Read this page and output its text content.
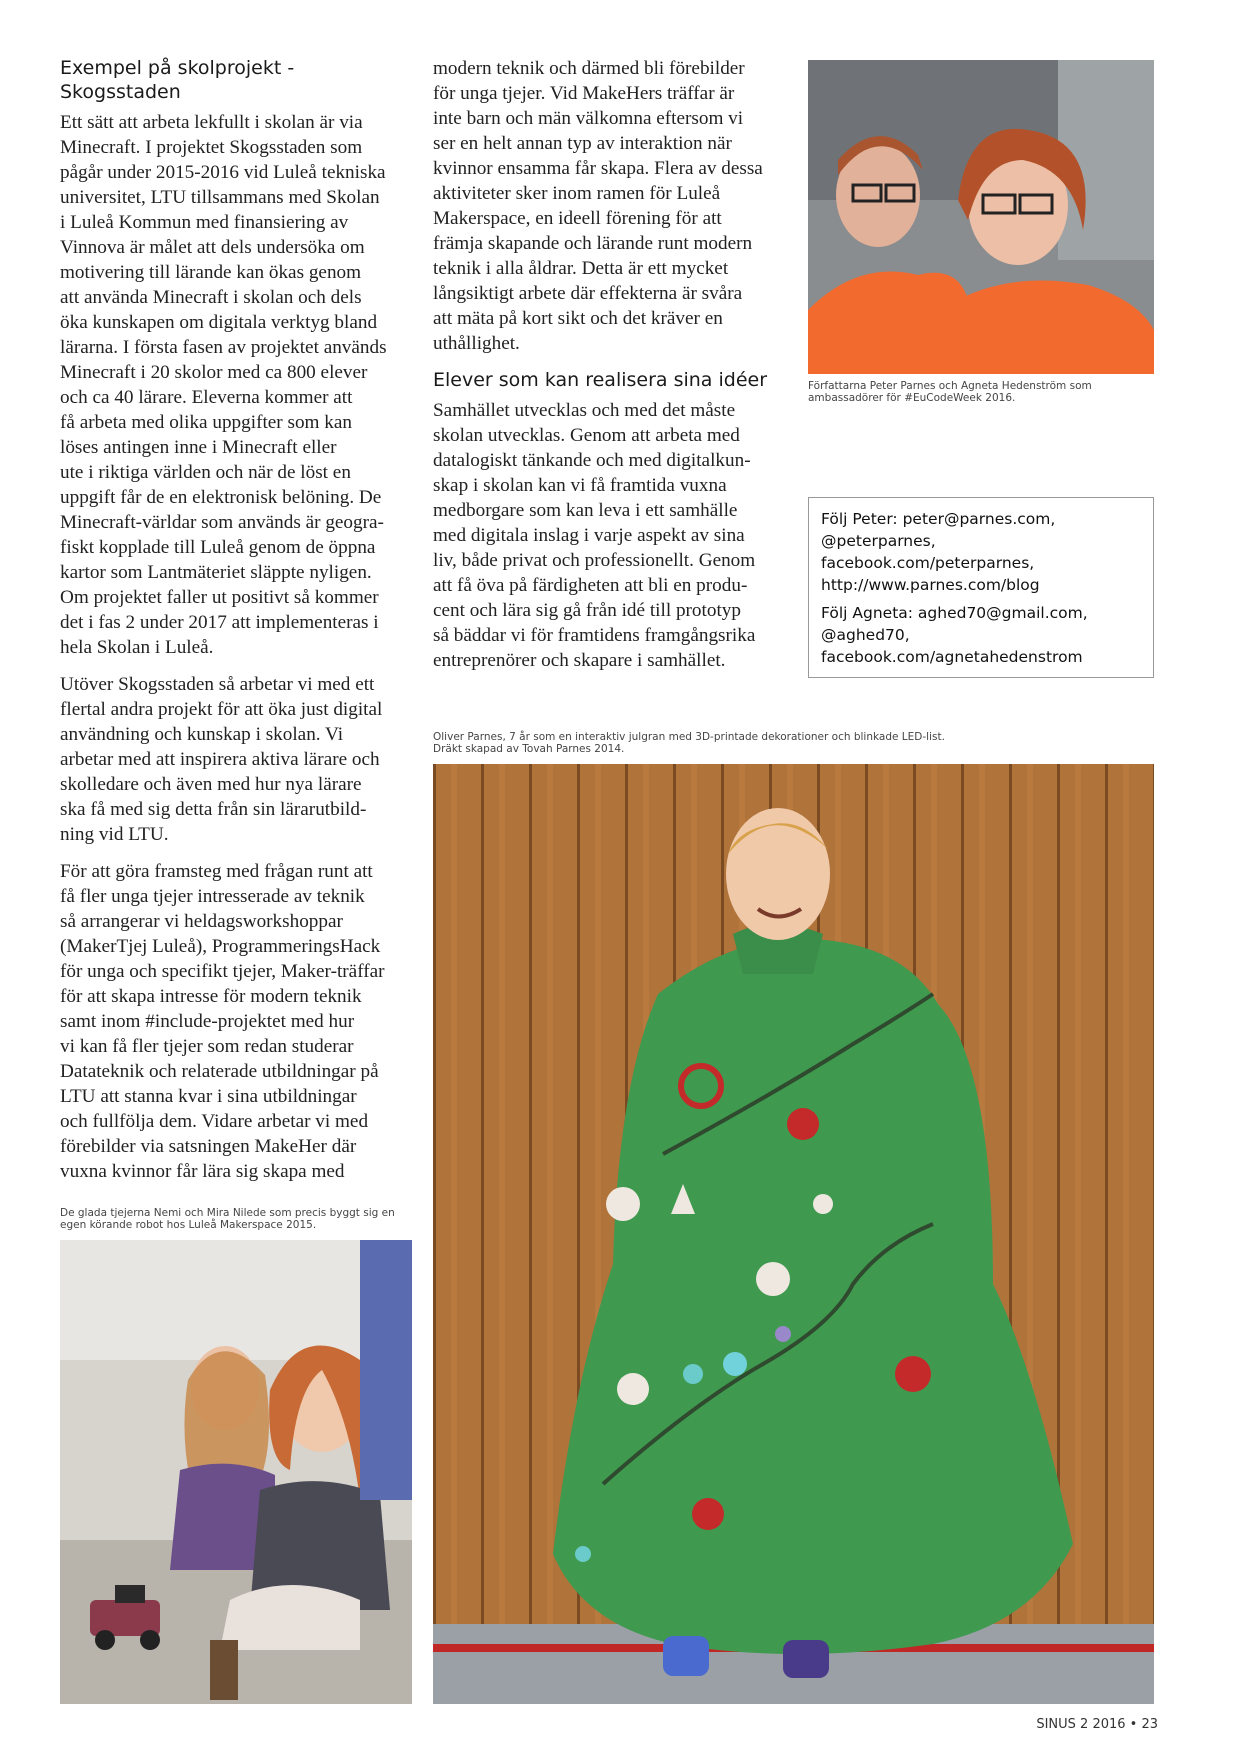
Exempel på skolprojekt -
Skogsstaden

Ett sätt att arbeta lekfullt i skolan är via
Minecraft. I projektet Skogsstaden som
pågår under 2015-2016 vid Luleå tekniska
universitet, LTU tillsammans med Skolan
i Luleå Kommun med finansiering av
Vinnova är målet att dels undersöka om
motivering till lärande kan ökas genom
att använda Minecraft i skolan och dels
öka kunskapen om digitala verktyg bland
lärarna. I första fasen av projektet används
Minecraft i 20 skolor med ca 800 elever
och ca 40 lärare. Eleverna kommer att
få arbeta med olika uppgifter som kan
löses antingen inne i Minecraft eller
ute i riktiga världen och när de löst en
uppgift får de en elektronisk belöning. De
Minecraft-världar som används är geogra-
fiskt kopplade till Luleå genom de öppna
kartor som Lantmäteriet släppte nyligen.
Om projektet faller ut positivt så kommer
det i fas 2 under 2017 att implementeras i
hela Skolan i Luleå.

Utöver Skogsstaden så arbetar vi med ett
flertal andra projekt för att öka just digital
användning och kunskap i skolan. Vi
arbetar med att inspirera aktiva lärare och
skolledare och även med hur nya lärare
ska få med sig detta från sin lärarutbild-
ning vid LTU.

För att göra framsteg med frågan runt att
få fler unga tjejer intresserade av teknik
så arrangerar vi heldagsworkshoppar
(MakerTjej Luleå), ProgrammeringsHack
för unga och specifikt tjejer, Maker-träffar
för att skapa intresse för modern teknik
samt inom #include-projektet med hur
vi kan få fler tjejer som redan studerar
Datateknik och relaterade utbildningar på
LTU att stanna kvar i sina utbildningar
och fullfölja dem. Vidare arbetar vi med
förebilder via satsningen MakeHer där
vuxna kvinnor får lära sig skapa med

modern teknik och därmed bli förebilder
för unga tjejer. Vid MakeHers träffar är
inte barn och män välkomna eftersom vi
ser en helt annan typ av interaktion när
kvinnor ensamma får skapa. Flera av dessa
aktiviteter sker inom ramen för Luleå
Makerspace, en ideell förening för att
främja skapande och lärande runt modern
teknik i alla åldrar. Detta är ett mycket
långsiktigt arbete där effekterna är svåra
att mäta på kort sikt och det kräver en
uthållighet.

Elever som kan realisera sina idéer

Samhället utvecklas och med det måste
skolan utvecklas. Genom att arbeta med
datalogiskt tänkande och med digitalkun-
skap i skolan kan vi få framtida vuxna
medborgare som kan leva i ett samhälle
med digitala inslag i varje aspekt av sina
liv, både privat och professionellt. Genom
att få öva på färdigheten att bli en produ-
cent och lära sig gå från idé till prototyp
så bäddar vi för framtidens framgångsrika
entreprenörer och skapare i samhället.

Författarna Peter Parnes och Agneta Hedenström som
ambassadörer för #EuCodeWeek 2016.
Följ Peter: peter@parnes.com,
@peterparnes,
facebook.com/peterparnes,
http://www.parnes.com/blog
Följ Agneta: aghed70@gmail.com,
@aghed70,
facebook.com/agnetahedenstrom
Oliver Parnes, 7 år som en interaktiv julgran med 3D-printade dekorationer och blinkade LED-list.
Dräkt skapad av Tovah Parnes 2014.
De glada tjejerna Nemi och Mira Nilede som precis byggt sig en
egen körande robot hos Luleå Makerspace 2015.
SINUS 2 2016 • 23
